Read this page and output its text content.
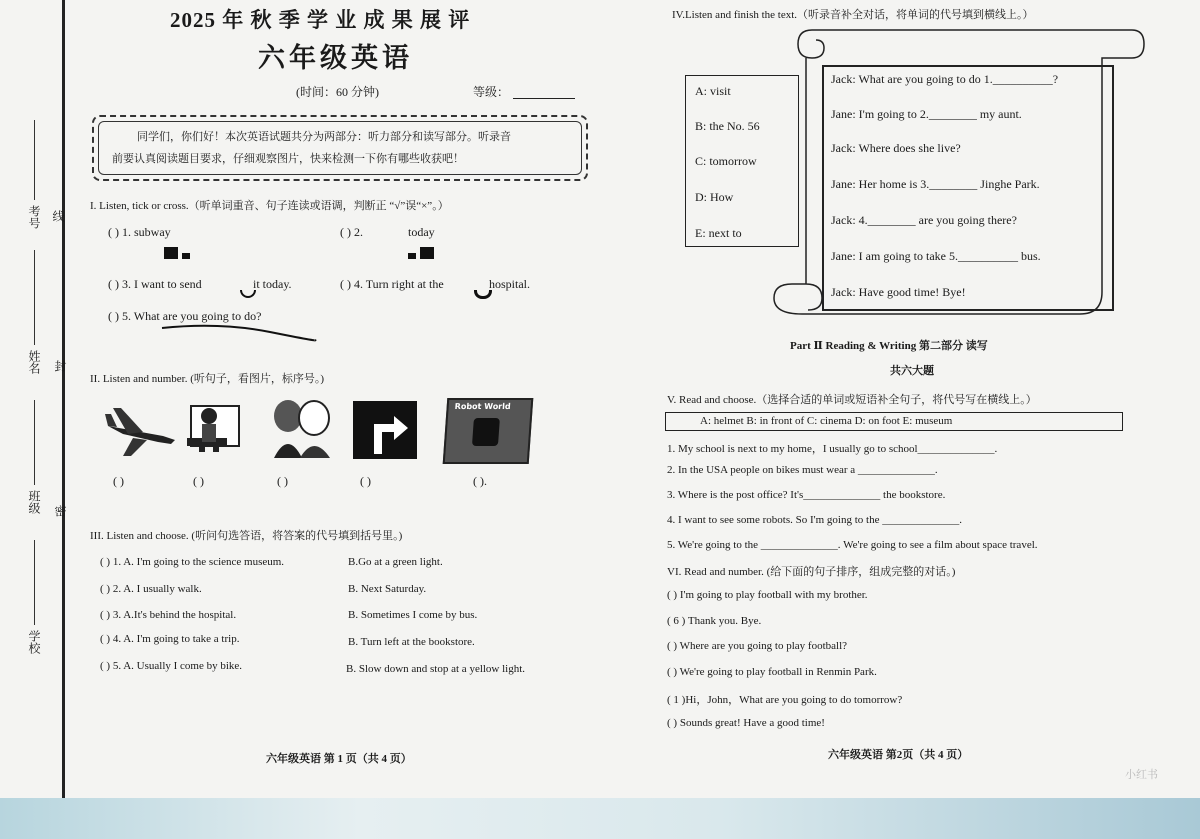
考号 线
姓名 封
班级 密
学校
2025 年 秋 季 学 业 成 果 展 评
六年级英语
(时间：60 分钟)	等级：
同学们，你们好！本次英语试题共分为两部分：听力部分和读写部分。听录音
前要认真阅读题目要求，仔细观察图片，快来检测一下你有哪些收获吧！
I. Listen, tick or cross.（听单词重音、句子连读或语调，判断正 “√”误“×”。）
( ) 1. subway
	( ) 2.	today

( ) 3. I want to send	it today.	( ) 4. Turn right at the	hospital.
( ) 5. What are you going to do?
II. Listen and number. (听句子，看图片，标序号。)
Robot World
( )	( )	( )	( )	( ).
III. Listen and choose. (听问句选答语，将答案的代号填到括号里。)
( ) 1. A. I'm going to the science museum.	B.Go at a green light.
( ) 2. A. I usually walk.	B. Next Saturday.
( ) 3. A.It's behind the hospital.	B. Sometimes I come by bus.
( ) 4. A. I'm going to take a trip.	B. Turn left at the bookstore.
( ) 5. A. Usually I come by bike.	B. Slow down and stop at a yellow light.
六年级英语 第 1 页（共 4 页）
IV.Listen and finish the text.（听录音补全对话，将单词的代号填到横线上。）
A: visit
B: the No. 56
C: tomorrow
D: How
E: next to
Jack: What are you going to do 1.__________?
Jane: I'm going to 2.________ my aunt.
Jack: Where does she live?
Jane: Her home is 3.________ Jinghe Park.
Jack: 4.________ are you going there?
Jane: I am going to take 5.__________ bus.
Jack: Have good time! Bye!
Part Ⅱ Reading & Writing 第二部分 读写
共六大题
V. Read and choose.（选择合适的单词或短语补全句子，将代号写在横线上。）
A: helmet B: in front of C: cinema D: on foot E: museum
1. My school is next to my home，I usually go to school______________.
2. In the USA people on bikes must wear a ______________.
3. Where is the post office? It's______________ the bookstore.
4. I want to see some robots. So I'm going to the ______________.
5. We're going to the ______________. We're going to see a film about space travel.
VI. Read and number. (给下面的句子排序，组成完整的对话。)
( ) I'm going to play football with my brother.
( 6 ) Thank you. Bye.
( ) Where are you going to play football?
( ) We're going to play football in Renmin Park.
( 1 )Hi，John，What are you going to do tomorrow?
( ) Sounds great! Have a good time!
六年级英语 第2页（共 4 页）
小红书
